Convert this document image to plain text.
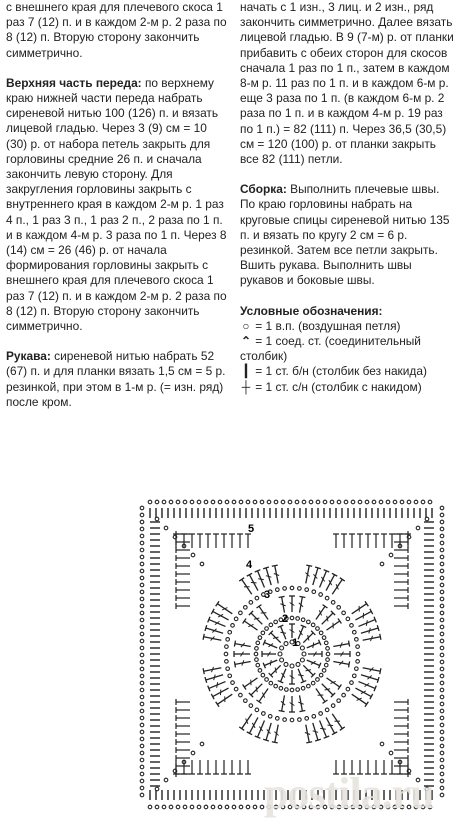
с внешнего края для плечевого скоса 1 раз 7 (12) п. и в каждом 2-м р. 2 раза по 8 (12) п. Вторую сторону закончить симметрично.

Верхняя часть переда: по верхнему краю нижней части переда набрать сиреневой нитью 100 (126) п. и вязать лицевой гладью. Через 3 (9) см = 10 (30) р. от набора петель закрыть для горловины средние 26 п. и сначала закончить левую сторону. Для закругления горловины закрыть с внутреннего края в каждом 2-м р. 1 раз 4 п., 1 раз 3 п., 1 раз 2 п., 2 раза по 1 п. и в каждом 4-м р. 3 раза по 1 п. Через 8 (14) см = 26 (46) р. от начала формирования горловины закрыть с внешнего края для плечевого скоса 1 раз 7 (12) п. и в каждом 2-м р. 2 раза по 8 (12) п. Вторую сторону закончить симметрично.

Рукава: сиреневой нитью набрать 52 (67) п. и для планки вязать 1,5 см = 5 р. резинкой, при этом в 1-м р. (= изн. ряд) после кром.

начать с 1 изн., 3 лиц. и 2 изн., ряд закончить симметрично. Далее вязать лицевой гладью. В 9 (7-м) р. от планки прибавить с обеих сторон для скосов сначала 1 раз по 1 п., затем в каждом 8-м р. 11 раз по 1 п. и в каждом 6-м р. еще 3 раза по 1 п. (в каждом 6-м р. 2 раза по 1 п. и в каждом 4-м р. 19 раз по 1 п.) = 82 (111) п. Через 36,5 (30,5) см = 120 (100) р. от планки закрыть все 82 (111) петли.

Сборка: Выполнить плечевые швы. По краю горловины набрать на круговые спицы сиреневой нитью 135 п. и вязать по кругу 2 см = 6 р. резинкой. Затем все петли закрыть. Вшить рукава. Выполнить швы рукавов и боковые швы.

Условные обозначения:

○ = 1 в.п. (воздушная петля)

⌃ = 1 соед. ст. (соединительный столбик)

┃ = 1 ст. б/н (столбик без накида)

┼ = 1 ст. с/н (столбик с накидом)

5
4
3
2
1
postila.ru
